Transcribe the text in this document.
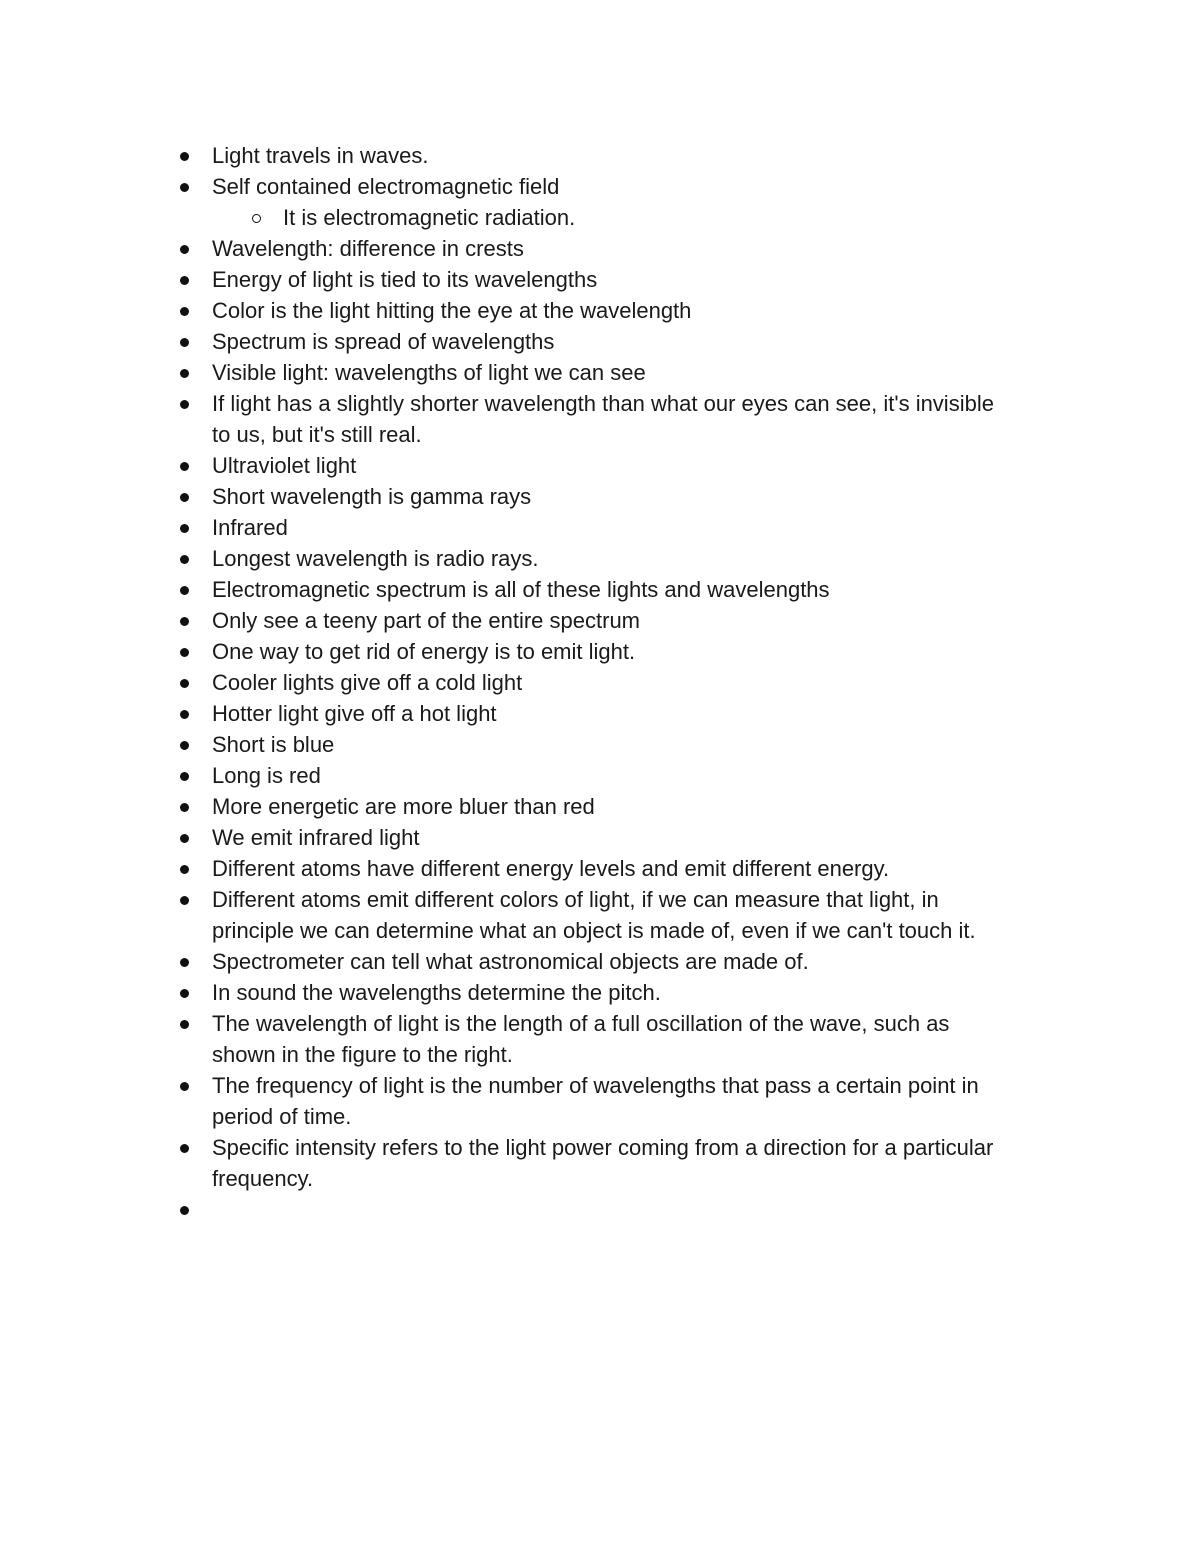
Light travels in waves.
Self contained electromagnetic field
It is electromagnetic radiation.
Wavelength: difference in crests
Energy of light is tied to its wavelengths
Color is the light hitting the eye at the wavelength
Spectrum is spread of wavelengths
Visible light: wavelengths of light we can see
If light has a slightly shorter wavelength than what our eyes can see, it's invisible
to us, but it's still real.
Ultraviolet light
Short wavelength is gamma rays
Infrared
Longest wavelength is radio rays.
Electromagnetic spectrum is all of these lights and wavelengths
Only see a teeny part of the entire spectrum
One way to get rid of energy is to emit light.
Cooler lights give off a cold light
Hotter light give off a hot light
Short is blue
Long is red
More energetic are more bluer than red
We emit infrared light
Different atoms have different energy levels and emit different energy.
Different atoms emit different colors of light, if we can measure that light, in
principle we can determine what an object is made of, even if we can't touch it.
Spectrometer can tell what astronomical objects are made of.
In sound the wavelengths determine the pitch.
The wavelength of light is the length of a full oscillation of the wave, such as
shown in the figure to the right.
The frequency of light is the number of wavelengths that pass a certain point in
period of time.
Specific intensity refers to the light power coming from a direction for a particular
frequency.
